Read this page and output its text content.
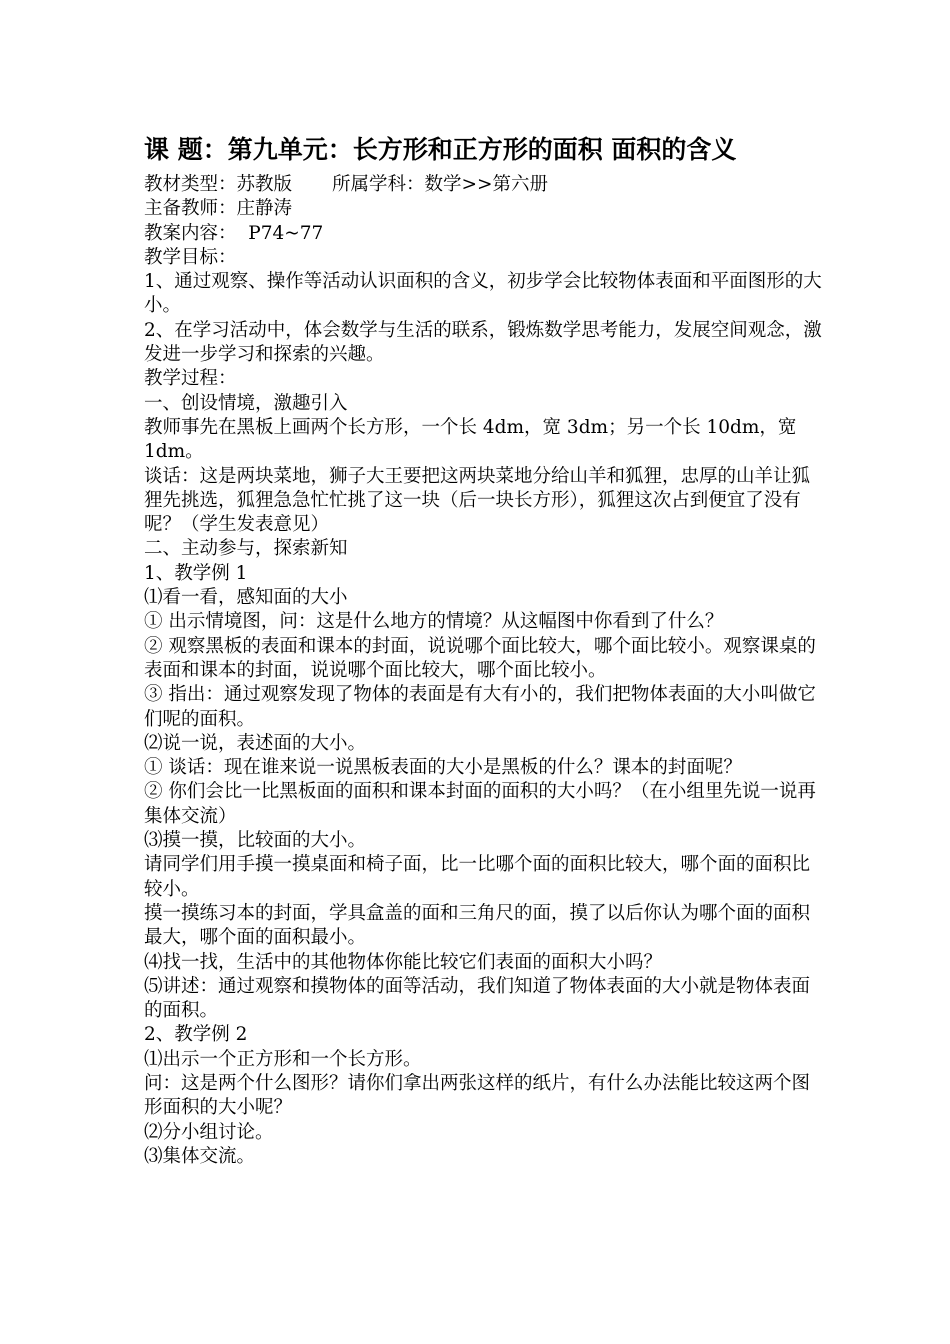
课 题：第九单元：长方形和正方形的面积 面积的含义
教材类型：苏教版 所属学科：数学>>第六册
主备教师：庄静涛
教案内容：  P74~77
教学目标：

1、通过观察、操作等活动认识面积的含义，初步学会比较物体表面和平面图形的大小。

2、在学习活动中，体会数学与生活的联系，锻炼数学思考能力，发展空间观念，激发进一步学习和探索的兴趣。

教学过程：

一、创设情境，激趣引入

教师事先在黑板上画两个长方形，一个长 4dm，宽 3dm；另一个长 10dm，宽 1dm。

谈话：这是两块菜地，狮子大王要把这两块菜地分给山羊和狐狸，忠厚的山羊让狐狸先挑选，狐狸急急忙忙挑了这一块（后一块长方形），狐狸这次占到便宜了没有呢？（学生发表意见）

二、主动参与，探索新知

1、教学例 1

⑴看一看，感知面的大小

① 出示情境图，问：这是什么地方的情境？从这幅图中你看到了什么？

② 观察黑板的表面和课本的封面，说说哪个面比较大，哪个面比较小。观察课桌的表面和课本的封面，说说哪个面比较大，哪个面比较小。

③ 指出：通过观察发现了物体的表面是有大有小的，我们把物体表面的大小叫做它们呢的面积。

⑵说一说，表述面的大小。

① 谈话：现在谁来说一说黑板表面的大小是黑板的什么？课本的封面呢？

② 你们会比一比黑板面的面积和课本封面的面积的大小吗？（在小组里先说一说再集体交流）

⑶摸一摸，比较面的大小。

请同学们用手摸一摸桌面和椅子面，比一比哪个面的面积比较大，哪个面的面积比较小。

摸一摸练习本的封面，学具盒盖的面和三角尺的面，摸了以后你认为哪个面的面积最大，哪个面的面积最小。

⑷找一找，生活中的其他物体你能比较它们表面的面积大小吗？

⑸讲述：通过观察和摸物体的面等活动，我们知道了物体表面的大小就是物体表面的面积。

2、教学例 2

⑴出示一个正方形和一个长方形。

问：这是两个什么图形？请你们拿出两张这样的纸片，有什么办法能比较这两个图形面积的大小呢？

⑵分小组讨论。

⑶集体交流。
